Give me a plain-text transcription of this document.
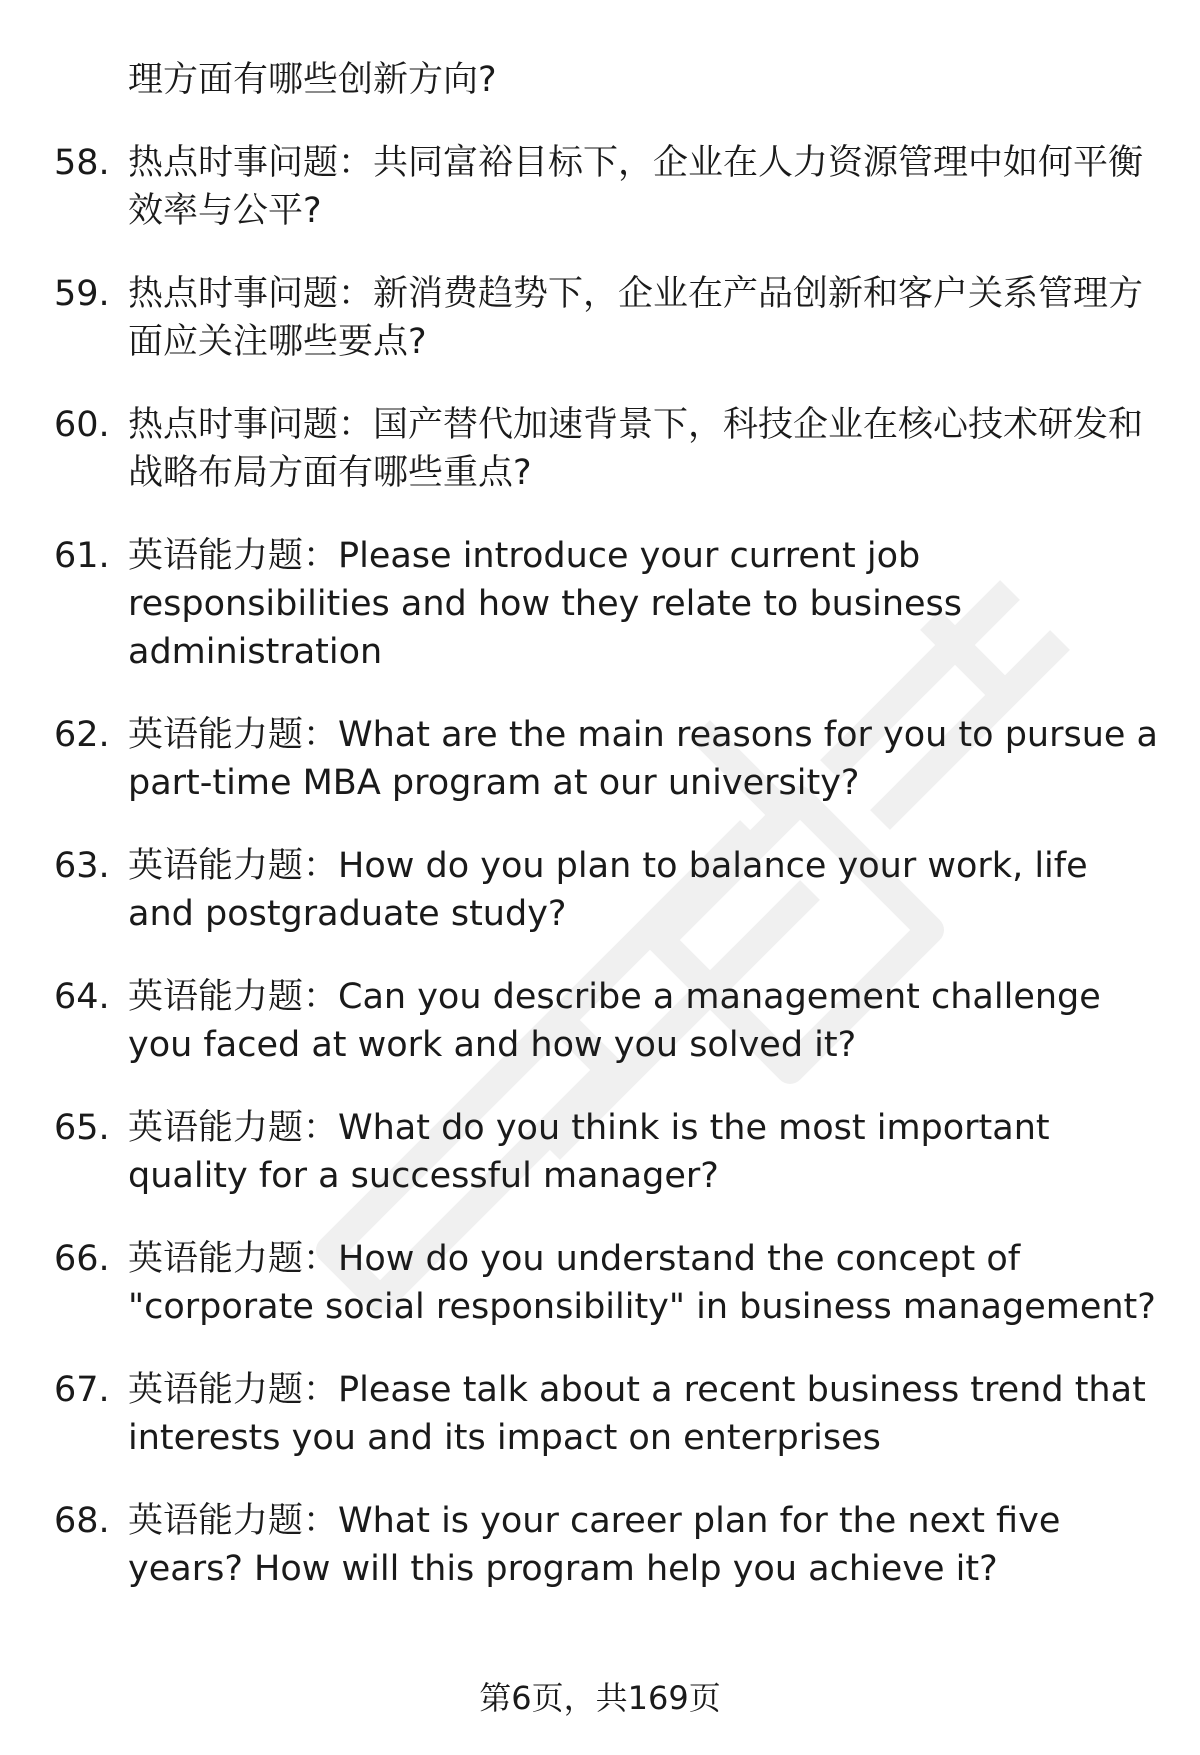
理方面有哪些创新方向?
58. 热点时事问题：共同富裕目标下，企业在人力资源管理中如何平衡效率与公平?
59. 热点时事问题：新消费趋势下，企业在产品创新和客户关系管理方面应关注哪些要点?
60. 热点时事问题：国产替代加速背景下，科技企业在核心技术研发和战略布局方面有哪些重点?
61. 英语能力题：Please introduce your current job responsibilities and how they relate to business administration
62. 英语能力题：What are the main reasons for you to pursue a part-time MBA program at our university?
63. 英语能力题：How do you plan to balance your work, life and postgraduate study?
64. 英语能力题：Can you describe a management challenge you faced at work and how you solved it?
65. 英语能力题：What do you think is the most important quality for a successful manager?
66. 英语能力题：How do you understand the concept of "corporate social responsibility" in business management?
67. 英语能力题：Please talk about a recent business trend that interests you and its impact on enterprises
68. 英语能力题：What is your career plan for the next five years? How will this program help you achieve it?
第6页，共169页
